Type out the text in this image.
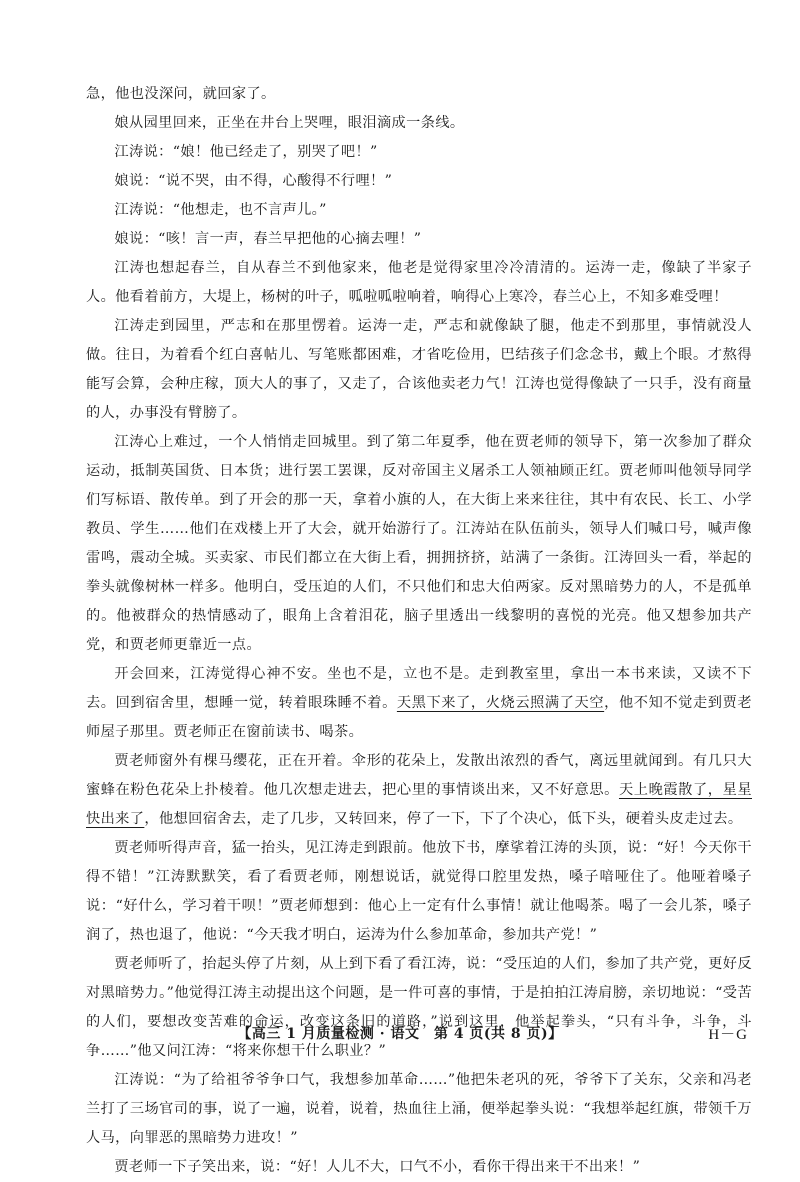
急，他也没深问，就回家了。

娘从园里回来，正坐在井台上哭哩，眼泪滴成一条线。

江涛说：“娘！他已经走了，别哭了吧！”

娘说：“说不哭，由不得，心酸得不行哩！”

江涛说：“他想走，也不言声儿。”

娘说：“咳！言一声，春兰早把他的心摘去哩！”

江涛也想起春兰，自从春兰不到他家来，他老是觉得家里冷冷清清的。运涛一走，像缺了半家子人。他看着前方，大堤上，杨树的叶子，呱啦呱啦响着，响得心上寒冷，春兰心上，不知多难受哩！

江涛走到园里，严志和在那里愣着。运涛一走，严志和就像缺了腿，他走不到那里，事情就没人做。往日，为着看个红白喜帖儿、写笔账都困难，才省吃俭用，巴结孩子们念念书，戴上个眼。才熬得能写会算，会种庄稼，顶大人的事了，又走了，合该他卖老力气！江涛也觉得像缺了一只手，没有商量的人，办事没有臂膀了。

江涛心上难过，一个人悄悄走回城里。到了第二年夏季，他在贾老师的领导下，第一次参加了群众运动，抵制英国货、日本货；进行罢工罢课，反对帝国主义屠杀工人领袖顾正红。贾老师叫他领导同学们写标语、散传单。到了开会的那一天，拿着小旗的人，在大街上来来往往，其中有农民、长工、小学教员、学生……他们在戏楼上开了大会，就开始游行了。江涛站在队伍前头，领导人们喊口号，喊声像雷鸣，震动全城。买卖家、市民们都立在大街上看，拥拥挤挤，站满了一条街。江涛回头一看，举起的拳头就像树林一样多。他明白，受压迫的人们，不只他们和忠大伯两家。反对黑暗势力的人，不是孤单的。他被群众的热情感动了，眼角上含着泪花，脑子里透出一线黎明的喜悦的光亮。他又想参加共产党，和贾老师更靠近一点。

开会回来，江涛觉得心神不安。坐也不是，立也不是。走到教室里，拿出一本书来读，又读不下去。回到宿舍里，想睡一觉，转着眼珠睡不着。天黑下来了，火烧云照满了天空，他不知不觉走到贾老师屋子那里。贾老师正在窗前读书、喝茶。

贾老师窗外有棵马缨花，正在开着。伞形的花朵上，发散出浓烈的香气，离远里就闻到。有几只大蜜蜂在粉色花朵上扑棱着。他几次想走进去，把心里的事情谈出来，又不好意思。天上晚霞散了，星星快出来了，他想回宿舍去，走了几步，又转回来，停了一下，下了个决心，低下头，硬着头皮走过去。

贾老师听得声音，猛一抬头，见江涛走到跟前。他放下书，摩挲着江涛的头顶，说：“好！今天你干得不错！”江涛默默笑，看了看贾老师，刚想说话，就觉得口腔里发热，嗓子喑哑住了。他哑着嗓子说：“好什么，学习着干呗！”贾老师想到：他心上一定有什么事情！就让他喝茶。喝了一会儿茶，嗓子润了，热也退了，他说：“今天我才明白，运涛为什么参加革命，参加共产党！”

贾老师听了，抬起头停了片刻，从上到下看了看江涛，说：“受压迫的人们，参加了共产党，更好反对黑暗势力。”他觉得江涛主动提出这个问题，是一件可喜的事情，于是拍拍江涛肩膀，亲切地说：“受苦的人们，要想改变苦难的命运，改变这条旧的道路，”说到这里，他举起拳头，“只有斗争，斗争，斗争……”他又问江涛：“将来你想干什么职业？”

江涛说：“为了给祖爷爷争口气，我想参加革命……”他把朱老巩的死，爷爷下了关东，父亲和冯老兰打了三场官司的事，说了一遍，说着，说着，热血往上涌，便举起拳头说：“我想举起红旗，带领千万人马，向罪恶的黑暗势力进攻！”

贾老师一下子笑出来，说：“好！人儿不大，口气不小，看你干得出来干不出来！”

【高三 1 月质量检测 · 语文　第 4 页(共 8 页)】	H－G
